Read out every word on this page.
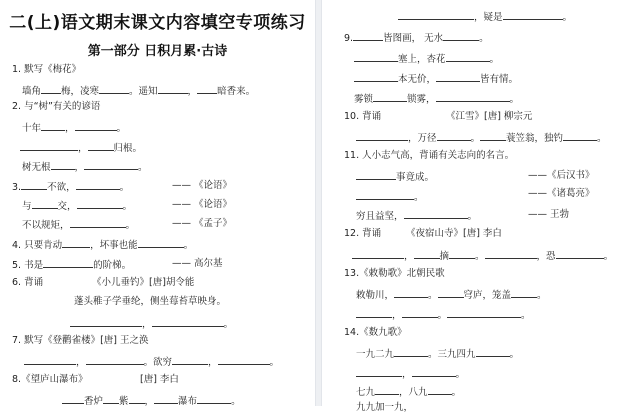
二(上)语文期末课文内容填空专项练习
第一部分 日积月累·古诗
1. 默写《梅花》
墙角 梅，凌寒	。遥知	， 暗香来。
2. 与“树”有关的谚语
十年	，	。
，	归根。
树无根	，	。
3.	不欲，	。	—— 《论语》
与	交，	。	—— 《论语》
不以规矩，	。	—— 《孟子》
4. 只要肯动	，坏事也能	。
5. 书是	的阶梯。	—— 高尔基
6. 背诵	《小儿垂钓》[唐]胡令能
蓬头稚子学垂纶，侧坐莓苔草映身。
，	。
7. 默写《登鹳雀楼》[唐] 王之涣
，	。欲穷	，	。
8.《望庐山瀑布》	[唐] 李白
香炉 紫 ，	瀑布	。
，疑是	。
9.	皆图画， 无水	。
塞上，杏花	。
本无价，	皆有情。
雾锁	锁雾，	。
10. 背诵	《江雪》[唐] 柳宗元
，万径	。	蓑笠翁，独钓	。
11. 人小志气高，背诵有关志向的名言。
事竟成。	——《后汉书》
。	——《诸葛亮》
穷且益坚，	。	—— 王勃
12. 背诵	《夜宿山寺》[唐] 李白
，	摘	。	，恐	。
13.《敕勒歌》北朝民歌
敕勒川，	。	穹庐，笼盖	。
，	。	。
14.《数九歌》
一九二九	。三九四九	。
，	。
七九	，八九	。
九九加一九，
